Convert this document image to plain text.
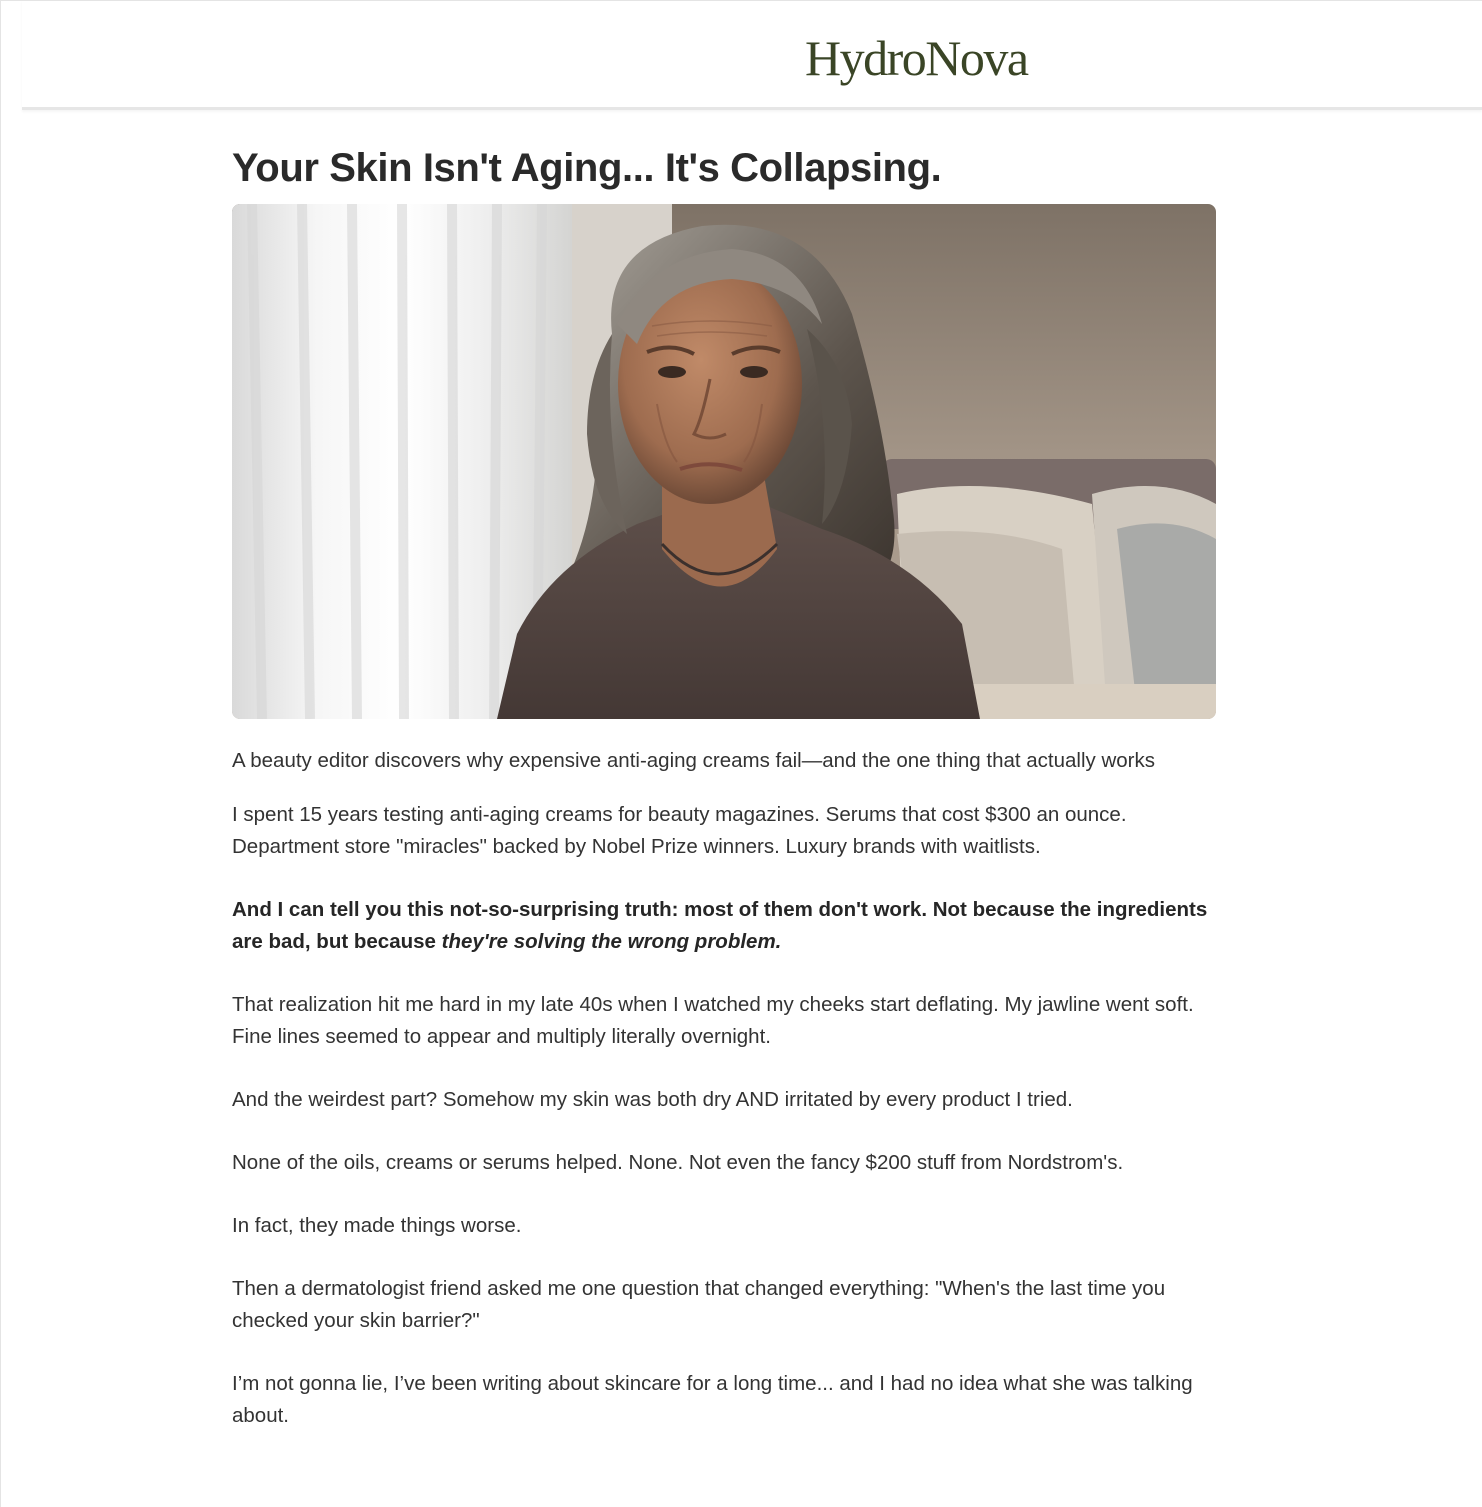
HydroNova
Your Skin Isn't Aging... It's Collapsing.

A beauty editor discovers why expensive anti-aging creams fail—and the one thing that actually works

I spent 15 years testing anti-aging creams for beauty magazines. Serums that cost $300 an ounce. Department store "miracles" backed by Nobel Prize winners. Luxury brands with waitlists.

And I can tell you this not-so-surprising truth: most of them don't work. Not because the ingredients are bad, but because they're solving the wrong problem.

That realization hit me hard in my late 40s when I watched my cheeks start deflating. My jawline went soft. Fine lines seemed to appear and multiply literally overnight.

And the weirdest part? Somehow my skin was both dry AND irritated by every product I tried.

None of the oils, creams or serums helped. None. Not even the fancy $200 stuff from Nordstrom's.

In fact, they made things worse.

Then a dermatologist friend asked me one question that changed everything: "When's the last time you checked your skin barrier?"

I’m not gonna lie, I’ve been writing about skincare for a long time... and I had no idea what she was talking about.
